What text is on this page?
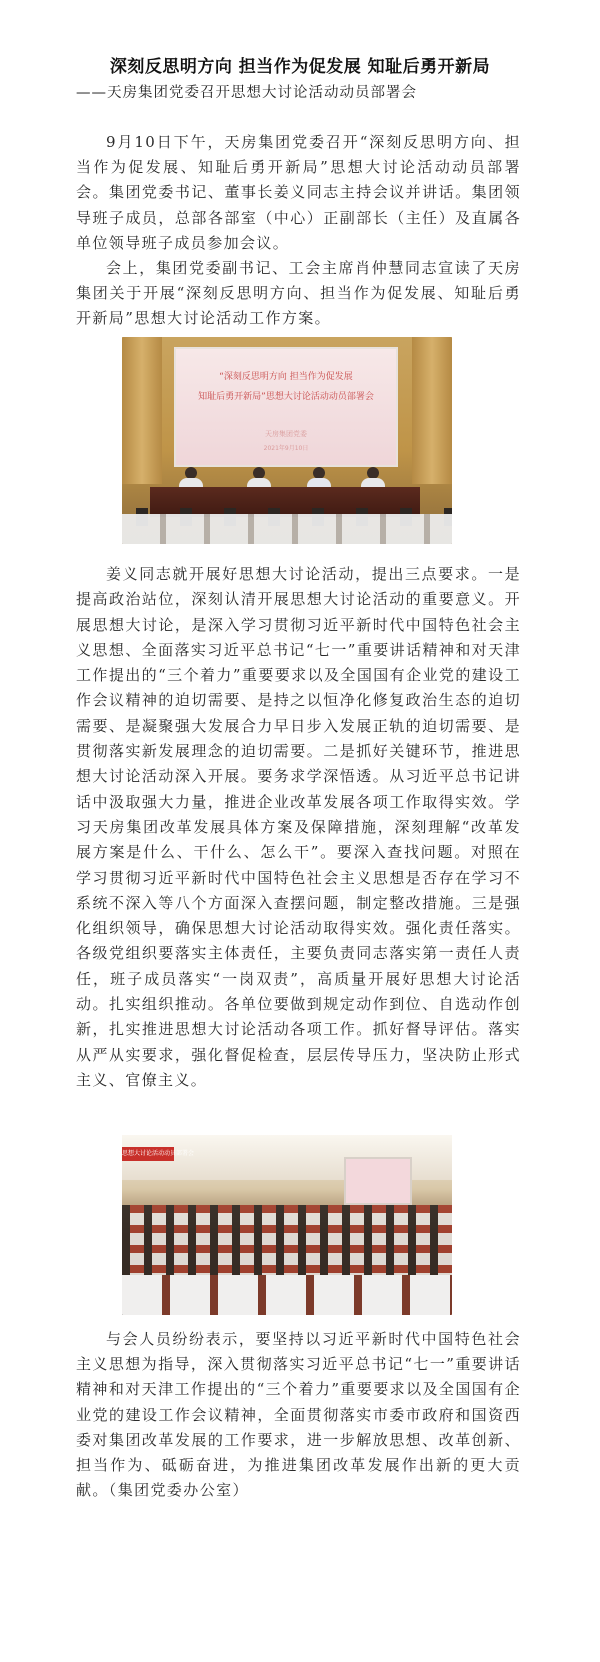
深刻反思明方向 担当作为促发展 知耻后勇开新局
——天房集团党委召开思想大讨论活动动员部署会

9月10日下午，天房集团党委召开“深刻反思明方向、担当作为促发展、知耻后勇开新局”思想大讨论活动动员部署会。集团党委书记、董事长姜义同志主持会议并讲话。集团领导班子成员，总部各部室（中心）正副部长（主任）及直属各单位领导班子成员参加会议。

会上，集团党委副书记、工会主席肖仲慧同志宣读了天房集团关于开展“深刻反思明方向、担当作为促发展、知耻后勇开新局”思想大讨论活动工作方案。

“深刻反思明方向 担当作为促发展
知耻后勇开新局”思想大讨论活动动员部署会
天房集团党委
2021年9月10日

姜义同志就开展好思想大讨论活动，提出三点要求。一是提高政治站位，深刻认清开展思想大讨论活动的重要意义。开展思想大讨论，是深入学习贯彻习近平新时代中国特色社会主义思想、全面落实习近平总书记“七一”重要讲话精神和对天津工作提出的“三个着力”重要要求以及全国国有企业党的建设工作会议精神的迫切需要、是持之以恒净化修复政治生态的迫切需要、是凝聚强大发展合力早日步入发展正轨的迫切需要、是贯彻落实新发展理念的迫切需要。二是抓好关键环节，推进思想大讨论活动深入开展。要务求学深悟透。从习近平总书记讲话中汲取强大力量，推进企业改革发展各项工作取得实效。学习天房集团改革发展具体方案及保障措施，深刻理解“改革发展方案是什么、干什么、怎么干”。要深入查找问题。对照在学习贯彻习近平新时代中国特色社会主义思想是否存在学习不系统不深入等八个方面深入查摆问题，制定整改措施。三是强化组织领导，确保思想大讨论活动取得实效。强化责任落实。各级党组织要落实主体责任，主要负责同志落实第一责任人责任，班子成员落实“一岗双责”，高质量开展好思想大讨论活动。扎实组织推动。各单位要做到规定动作到位、自选动作创新，扎实推进思想大讨论活动各项工作。抓好督导评估。落实从严从实要求，强化督促检查，层层传导压力，坚决防止形式主义、官僚主义。

思想大讨论活动动员部署会

与会人员纷纷表示，要坚持以习近平新时代中国特色社会主义思想为指导，深入贯彻落实习近平总书记“七一”重要讲话精神和对天津工作提出的“三个着力”重要要求以及全国国有企业党的建设工作会议精神，全面贯彻落实市委市政府和国资西委对集团改革发展的工作要求，进一步解放思想、改革创新、担当作为、砥砺奋进，为推进集团改革发展作出新的更大贡献。（集团党委办公室）
